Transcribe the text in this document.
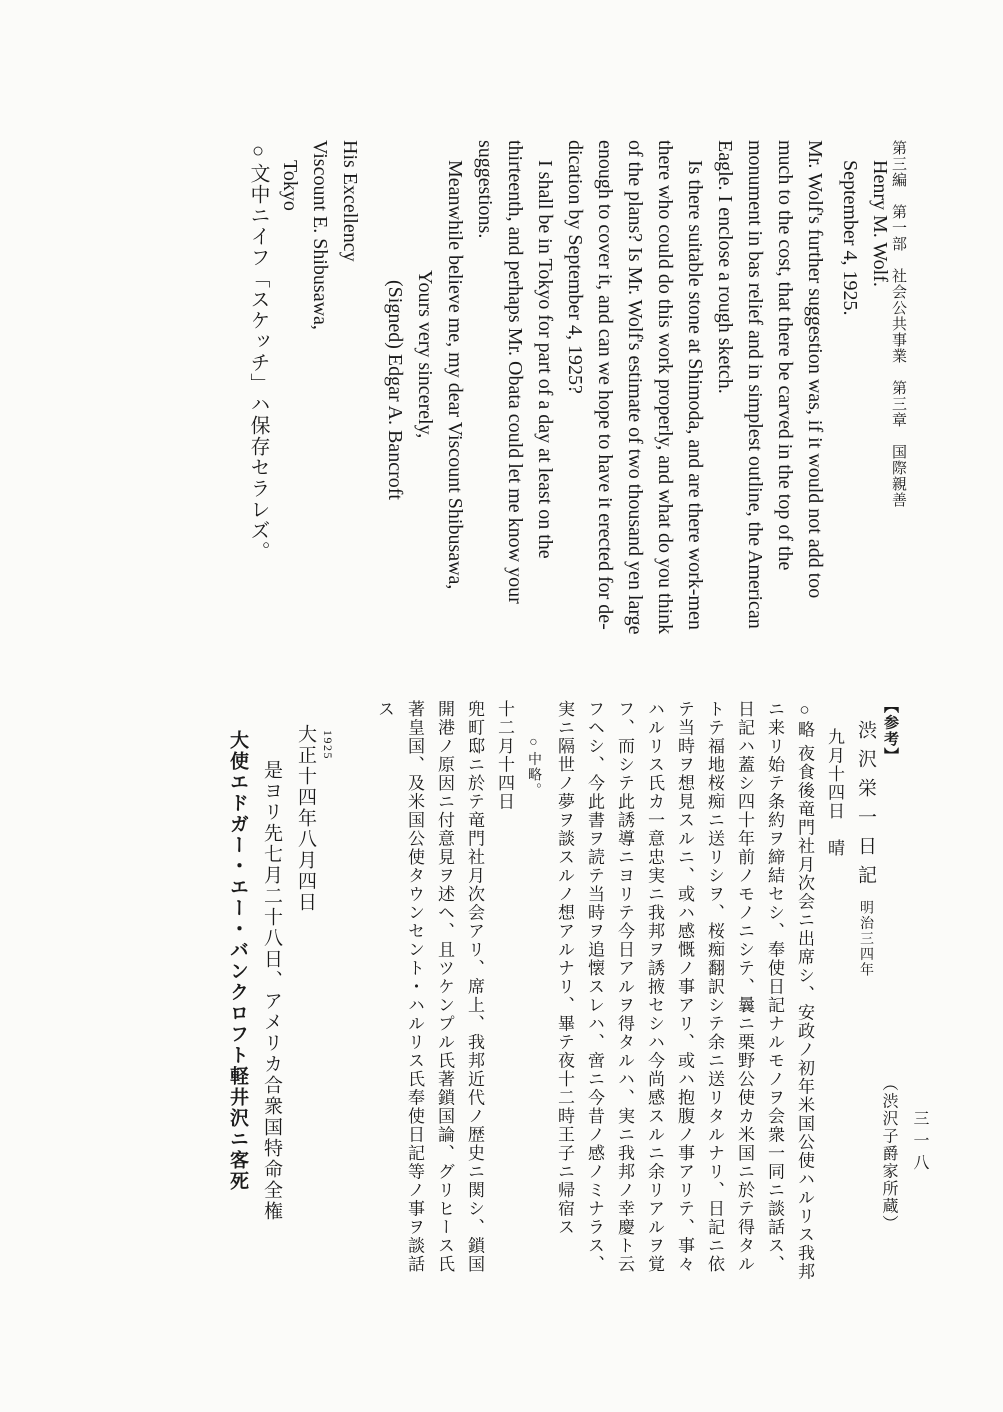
第三編　第一部　社会公共事業　第三章　国際親善
三一八
Henry M. Wolf.
September 4, 1925.
Mr. Wolf's further suggestion was, if it would not add too
much to the cost, that there be carved in the top of the
monument in bas relief and in simplest outline, the American
Eagle. I enclose a rough sketch.
Is there suitable stone at Shimoda, and are there work-men
there who could do this work properly, and what do you think
of the plans? Is Mr. Wolf's estimate of two thousand yen large
enough to cover it, and can we hope to have it erected for de-
dication by September 4, 1925?
I shall be in Tokyo for part of a day at least on the
thirteenth, and perhaps Mr. Obata could let me know your
suggestions.
Meanwhile believe me, my dear Viscount Shibusawa,
Yours very sincerely,
(Signed) Edgar A. Bancroft
His Excellency
Viscount E. Shibusawa,
Tokyo
○文中ニイフ「スケッチ」ハ保存セラレズ。
【参考】
（渋沢子爵家所蔵）
渋沢栄一日記
明治三四年
九月十四日　晴
○略 夜食後竜門社月次会ニ出席シ、安政ノ初年米国公使ハルリス我邦
ニ来リ始テ条約ヲ締結セシ、奉使日記ナルモノヲ会衆一同ニ談話ス、
日記ハ蓋シ四十年前ノモノニシテ、曩ニ栗野公使カ米国ニ於テ得タル
トテ福地桜痴ニ送リシヲ、桜痴翻訳シテ余ニ送リタルナリ、日記ニ依
テ当時ヲ想見スルニ、或ハ感慨ノ事アリ、或ハ抱腹ノ事アリテ、事々
ハルリス氏カ一意忠実ニ我邦ヲ誘掖セシハ今尚感スルニ余リアルヲ覚
フ、而シテ此誘導ニヨリテ今日アルヲ得タルハ、実ニ我邦ノ幸慶ト云
フヘシ、今此書ヲ読テ当時ヲ追懐スレハ、啻ニ今昔ノ感ノミナラス、
実ニ隔世ノ夢ヲ談スルノ想アルナリ、畢テ夜十二時王子ニ帰宿ス
○中略。
十二月十四日
兜町邸ニ於テ竜門社月次会アリ、席上、我邦近代ノ歴史ニ関シ、鎖国
開港ノ原因ニ付意見ヲ述ヘ、且ツケンプル氏著鎖国論、グリヒース氏
著皇国、及米国公使タウンセント・ハルリス氏奉使日記等ノ事ヲ談話
ス
1925
大正十四年八月四日
是ヨリ先七月二十八日、アメリカ合衆国特命全権
大使エドガー・エー・バンクロフト軽井沢ニ客死
